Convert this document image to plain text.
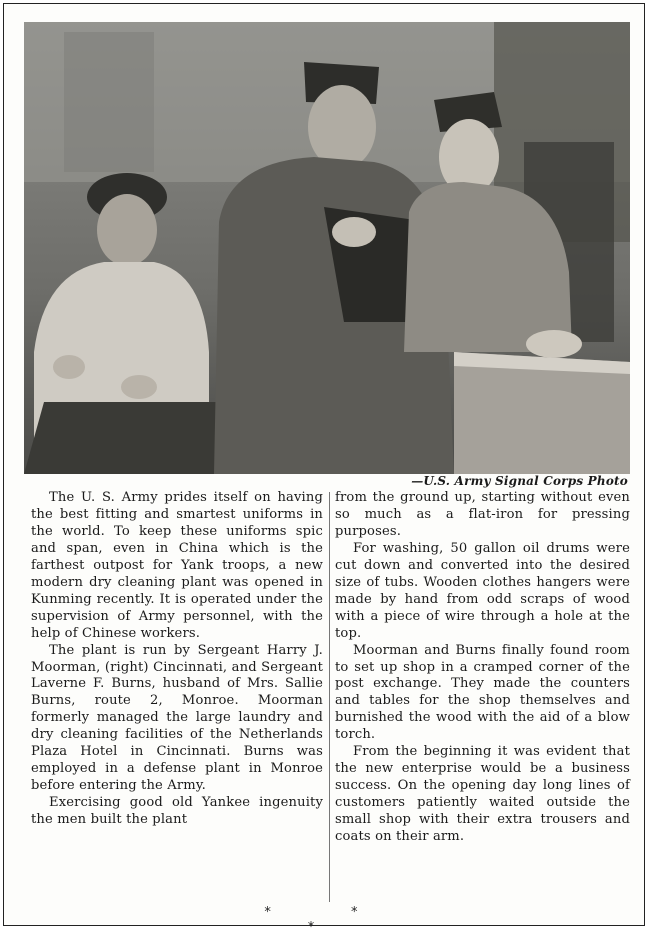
—U.S. Army Signal Corps Photo

The U. S. Army prides itself on having the best fitting and smartest uniforms in the world. To keep these uniforms spic and span, even in China which is the farthest outpost for Yank troops, a new modern dry cleaning plant was opened in Kunming recently. It is operated under the supervision of Army personnel, with the help of Chinese workers.

The plant is run by Sergeant Harry J. Moorman, (right) Cincinnati, and Sergeant Laverne F. Burns, husband of Mrs. Sallie Burns, route 2, Monroe. Moorman formerly managed the large laundry and dry cleaning facilities of the Netherlands Plaza Hotel in Cincinnati. Burns was employed in a defense plant in Monroe before entering the Army.

Exercising good old Yankee ingenuity the men built the plant

from the ground up, starting without even so much as a flat-iron for pressing purposes.

For washing, 50 gallon oil drums were cut down and converted into the desired size of tubs. Wooden clothes hangers were made by hand from odd scraps of wood with a piece of wire through a hole at the top.

Moorman and Burns finally found room to set up shop in a cramped corner of the post exchange. They made the counters and tables for the shop themselves and burnished the wood with the aid of a blow torch.

From the beginning it was evident that the new enterprise would be a business success. On the opening day long lines of customers patiently waited outside the small shop with their extra trousers and coats on their arm.

* * *
